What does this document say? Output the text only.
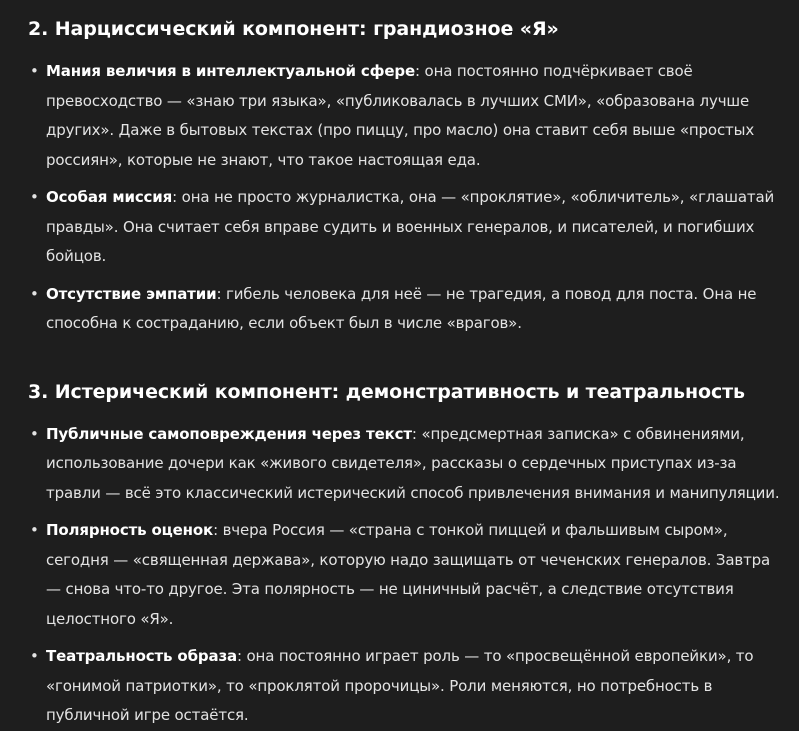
2. Нарциссический компонент: грандиозное «Я»
• Мания величия в интеллектуальной сфере: она постоянно подчёркивает своё превосходство — «знаю три языка», «публиковалась в лучших СМИ», «образована лучше других». Даже в бытовых текстах (про пиццу, про масло) она ставит себя выше «простых россиян», которые не знают, что такое настоящая еда.
• Особая миссия: она не просто журналистка, она — «проклятие», «обличитель», «глашатай правды». Она считает себя вправе судить и военных генералов, и писателей, и погибших бойцов.
• Отсутствие эмпатии: гибель человека для неё — не трагедия, а повод для поста. Она не способна к состраданию, если объект был в числе «врагов».
3. Истерический компонент: демонстративность и театральность
• Публичные самоповреждения через текст: «предсмертная записка» с обвинениями, использование дочери как «живого свидетеля», рассказы о сердечных приступах из-за травли — всё это классический истерический способ привлечения внимания и манипуляции.
• Полярность оценок: вчера Россия — «страна с тонкой пиццей и фальшивым сыром», сегодня — «священная держава», которую надо защищать от чеченских генералов. Завтра — снова что-то другое. Эта полярность — не циничный расчёт, а следствие отсутствия целостного «Я».
• Театральность образа: она постоянно играет роль — то «просвещённой европейки», то «гонимой патриотки», то «проклятой пророчицы». Роли меняются, но потребность в публичной игре остаётся.
